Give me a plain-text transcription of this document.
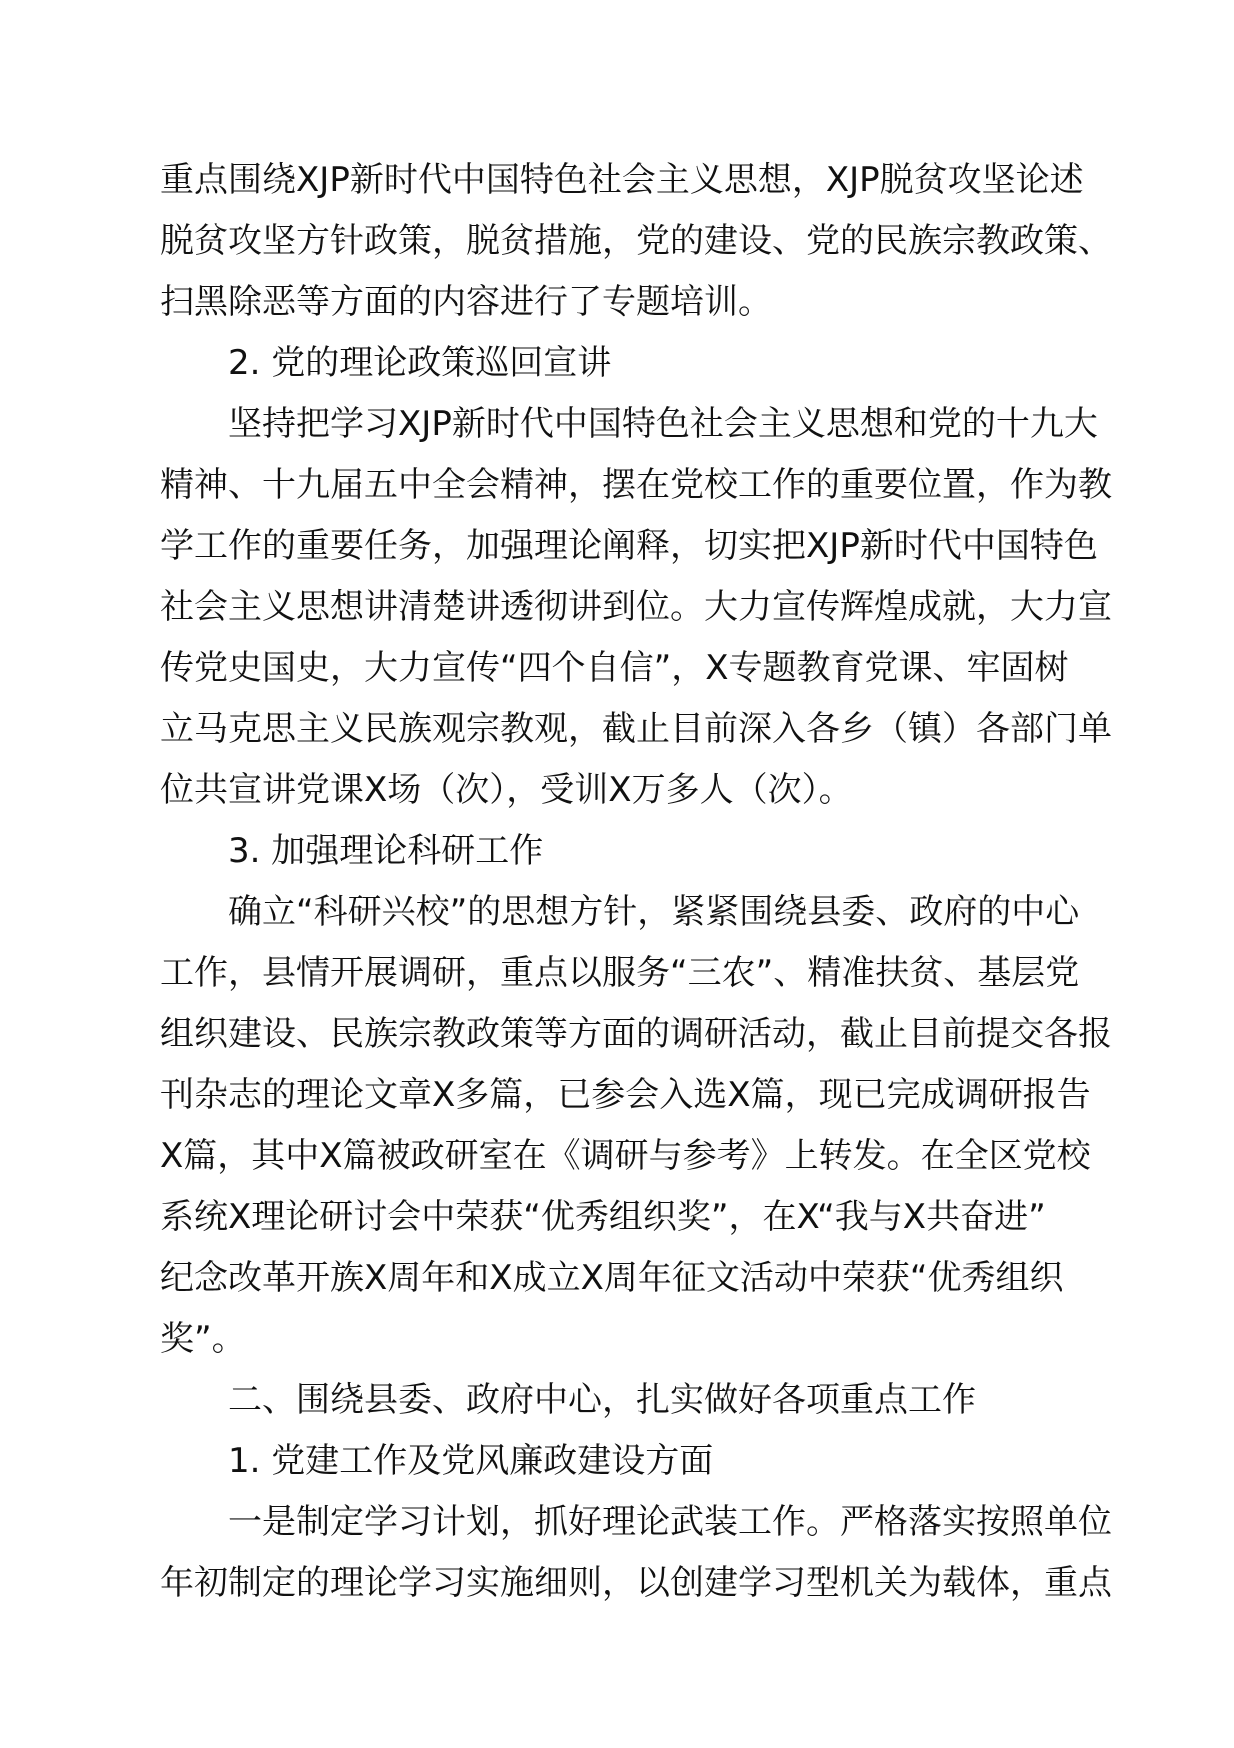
重点围绕XJP新时代中国特色社会主义思想，XJP脱贫攻坚论述
脱贫攻坚方针政策，脱贫措施，党的建设、党的民族宗教政策、
扫黑除恶等方面的内容进行了专题培训。
2. 党的理论政策巡回宣讲
坚持把学习XJP新时代中国特色社会主义思想和党的十九大
精神、十九届五中全会精神，摆在党校工作的重要位置，作为教
学工作的重要任务，加强理论阐释，切实把XJP新时代中国特色
社会主义思想讲清楚讲透彻讲到位。大力宣传辉煌成就，大力宣
传党史国史，大力宣传“四个自信”，X专题教育党课、牢固树
立马克思主义民族观宗教观，截止目前深入各乡（镇）各部门单
位共宣讲党课X场（次），受训X万多人（次）。
3. 加强理论科研工作
确立“科研兴校”的思想方针，紧紧围绕县委、政府的中心
工作，县情开展调研，重点以服务“三农”、精准扶贫、基层党
组织建设、民族宗教政策等方面的调研活动，截止目前提交各报
刊杂志的理论文章X多篇，已参会入选X篇，现已完成调研报告
X篇，其中X篇被政研室在《调研与参考》上转发。在全区党校
系统X理论研讨会中荣获“优秀组织奖”，在X“我与X共奋进”
纪念改革开族X周年和X成立X周年征文活动中荣获“优秀组织
奖”。
二、围绕县委、政府中心，扎实做好各项重点工作
1. 党建工作及党风廉政建设方面
一是制定学习计划，抓好理论武装工作。严格落实按照单位
年初制定的理论学习实施细则，以创建学习型机关为载体，重点
